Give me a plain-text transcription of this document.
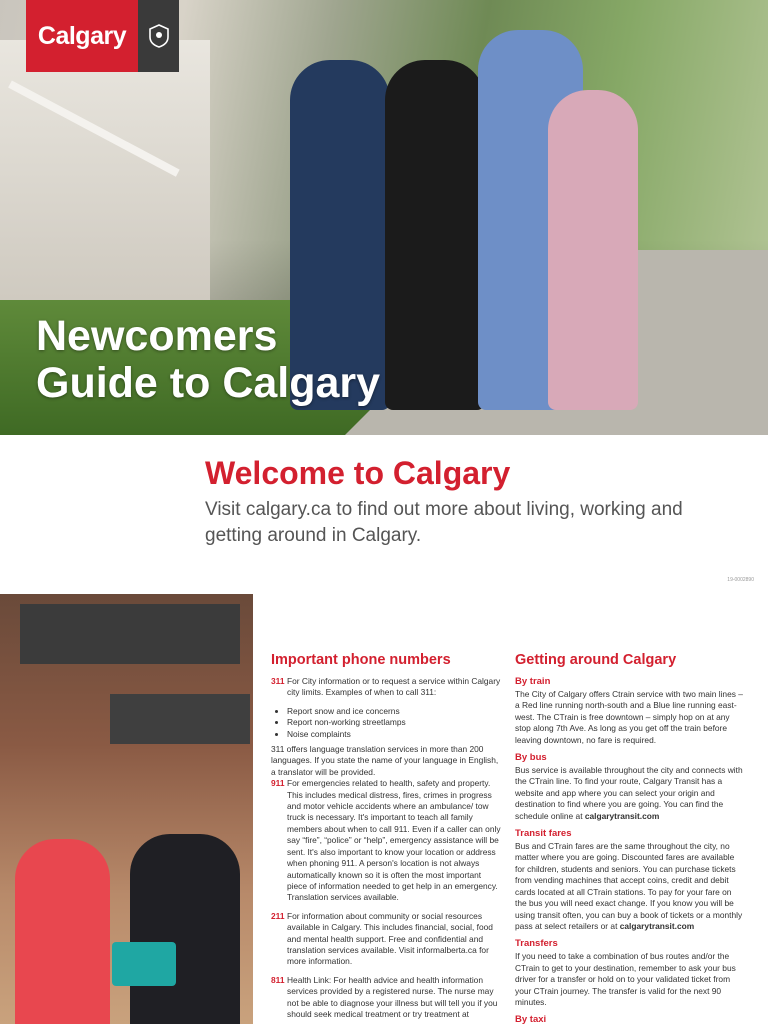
Calgary
Newcomers
Guide to Calgary
Welcome to Calgary

Visit calgary.ca to find out more about living, working and getting around in Calgary.

19-0002890
Important phone numbers
311 For City information or to request a service within Calgary city limits. Examples of when to call 311:

• Report snow and ice concerns
• Report non-working streetlamps
• Noise complaints

311 offers language translation services in more than 200 languages. If you state the name of your language in English, a translator will be provided.

911 For emergencies related to health, safety and property. This includes medical distress, fires, crimes in progress and motor vehicle accidents where an ambulance/ tow truck is necessary. It's important to teach all family members about when to call 911. Even if a caller can only say “fire”, “police” or “help”, emergency assistance will be sent. It's also important to know your location or address when phoning 911. A person's location is not always automatically known so it is often the most important piece of information needed to get help in an emergency. Translation services available.

211 For information about community or social resources available in Calgary. This includes financial, social, food and mental health support. Free and confidential and translation services available. Visit informalberta.ca for more information.

811 Health Link: For health advice and health information services provided by a registered nurse. The nurse may not be able to diagnose your illness but will tell you if you should seek medical treatment or try treatment at

Getting around Calgary
By train

The City of Calgary offers Ctrain service with two main lines – a Red line running north-south and a Blue line running east-west. The CTrain is free downtown – simply hop on at any stop along 7th Ave. As long as you get off the train before leaving downtown, no fare is required.

By bus

Bus service is available throughout the city and connects with the CTrain line. To find your route, Calgary Transit has a website and app where you can select your origin and destination to find where you are going. You can find the schedule online at calgarytransit.com

Transit fares

Bus and CTrain fares are the same throughout the city, no matter where you are going. Discounted fares are available for children, students and seniors. You can purchase tickets from vending machines that accept coins, credit and debit cards located at all CTrain stations. To pay for your fare on the bus you will need exact change. If you know you will be using transit often, you can buy a book of tickets or a monthly pass at select retailers or at calgarytransit.com

Transfers

If you need to take a combination of bus routes and/or the CTrain to get to your destination, remember to ask your bus driver for a transfer or hold on to your validated ticket from your CTrain journey. The transfer is valid for the next 90 minutes.

By taxi
